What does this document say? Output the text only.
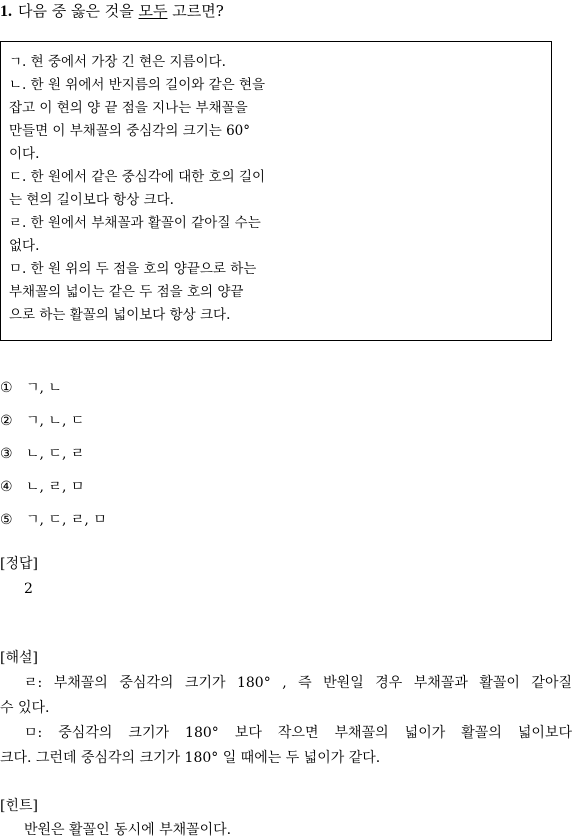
1. 다음 중 옳은 것을 모두 고르면?
ㄱ. 현 중에서 가장 긴 현은 지름이다.
ㄴ. 한 원 위에서 반지름의 길이와 같은 현을
잡고 이 현의 양 끝 점을 지나는 부채꼴을
만들면 이 부채꼴의 중심각의 크기는 60°
이다.
ㄷ. 한 원에서 같은 중심각에 대한 호의 길이
는 현의 길이보다 항상 크다.
ㄹ. 한 원에서 부채꼴과 활꼴이 같아질 수는
없다.
ㅁ. 한 원 위의 두 점을 호의 양끝으로 하는
부채꼴의 넓이는 같은 두 점을 호의 양끝
으로 하는 활꼴의 넓이보다 항상 크다.
① ㄱ, ㄴ
② ㄱ, ㄴ, ㄷ
③ ㄴ, ㄷ, ㄹ
④ ㄴ, ㄹ, ㅁ
⑤ ㄱ, ㄷ, ㄹ, ㅁ
[정답]
2
[해설]
ㄹ: 부채꼴의 중심각의 크기가 180° , 즉 반원일 경우 부채꼴과 활꼴이 같아질
수 있다.
ㅁ: 중심각의 크기가 180° 보다 작으면 부채꼴의 넓이가 활꼴의 넓이보다
크다. 그런데 중심각의 크기가 180° 일 때에는 두 넓이가 같다.
[힌트]
반원은 활꼴인 동시에 부채꼴이다.
